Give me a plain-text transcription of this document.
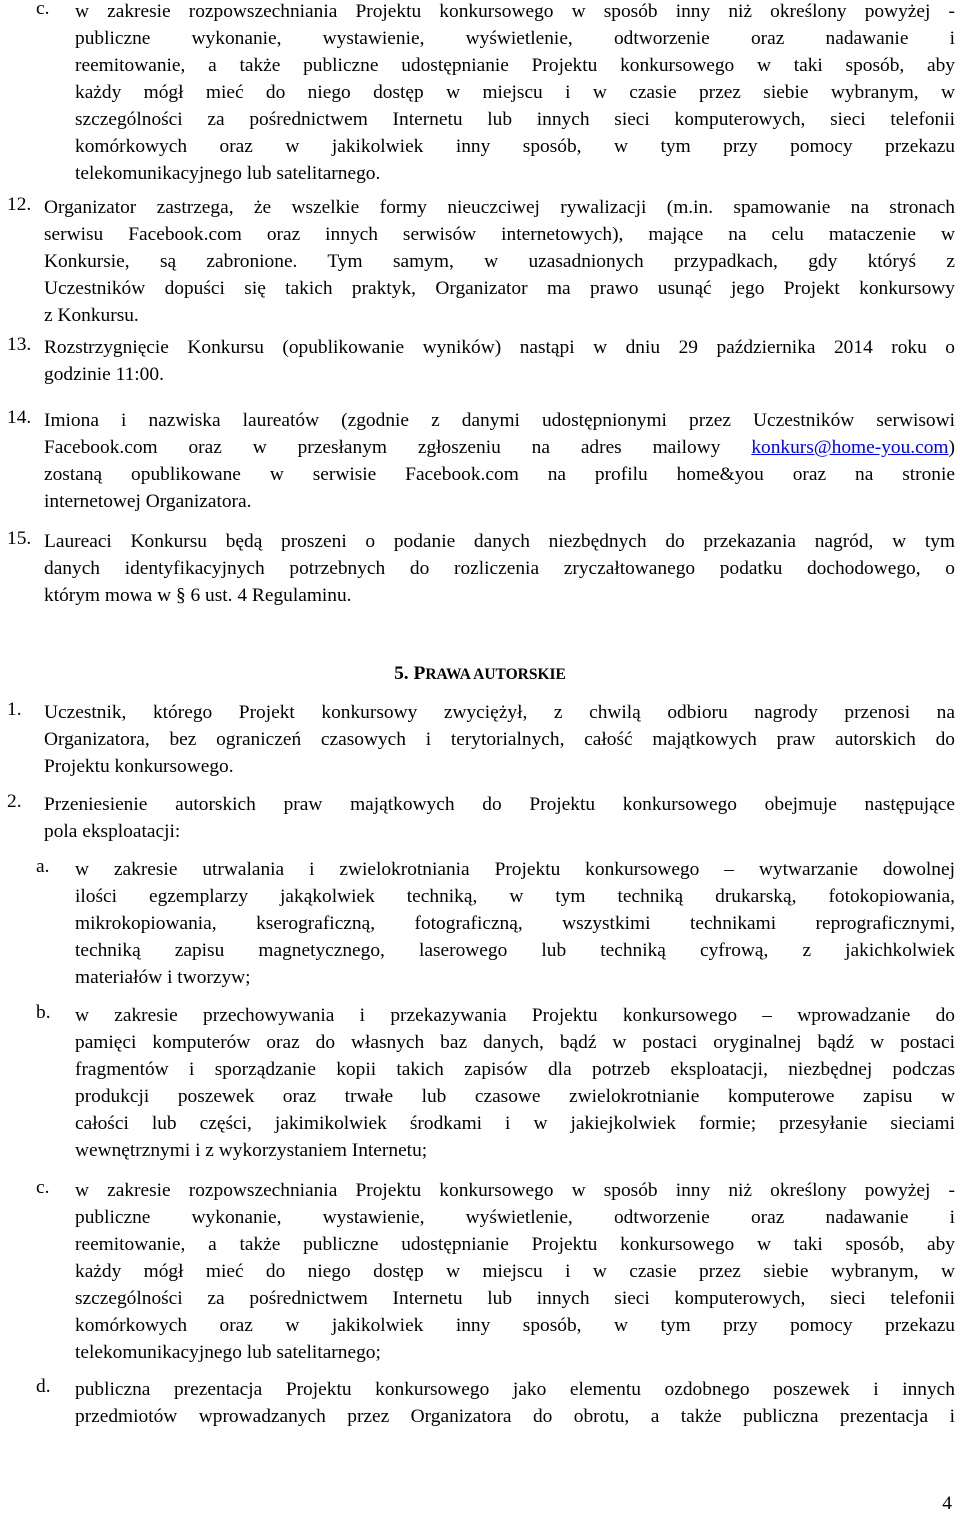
c. w zakresie rozpowszechniania Projektu konkursowego w sposób inny niż określony powyżej -
publiczne wykonanie, wystawienie, wyświetlenie, odtworzenie oraz nadawanie i
reemitowanie, a także publiczne udostępnianie Projektu konkursowego w taki sposób, aby
każdy mógł mieć do niego dostęp w miejscu i w czasie przez siebie wybranym, w
szczególności za pośrednictwem Internetu lub innych sieci komputerowych, sieci telefonii
komórkowych oraz w jakikolwiek inny sposób, w tym przy pomocy przekazu
telekomunikacyjnego lub satelitarnego.
12. Organizator zastrzega, że wszelkie formy nieuczciwej rywalizacji (m.in. spamowanie na stronach
serwisu Facebook.com oraz innych serwisów internetowych), mające na celu mataczenie w
Konkursie, są zabronione. Tym samym, w uzasadnionych przypadkach, gdy któryś z
Uczestników dopuści się takich praktyk, Organizator ma prawo usunąć jego Projekt konkursowy
z Konkursu.
13. Rozstrzygnięcie Konkursu (opublikowanie wyników) nastąpi w dniu 29 października 2014 roku o
godzinie 11:00.
14. Imiona i nazwiska laureatów (zgodnie z danymi udostępnionymi przez Uczestników serwisowi
Facebook.com oraz w przesłanym zgłoszeniu na adres mailowy konkurs@home-you.com)
zostaną opublikowane w serwisie Facebook.com na profilu home&you oraz na stronie
internetowej Organizatora.
15. Laureaci Konkursu będą proszeni o podanie danych niezbędnych do przekazania nagród, w tym
danych identyfikacyjnych potrzebnych do rozliczenia zryczałtowanego podatku dochodowego, o
którym mowa w § 6 ust. 4 Regulaminu.
5. PRAWA AUTORSKIE
1. Uczestnik, którego Projekt konkursowy zwyciężył, z chwilą odbioru nagrody przenosi na
Organizatora, bez ograniczeń czasowych i terytorialnych, całość majątkowych praw autorskich do
Projektu konkursowego.
2. Przeniesienie autorskich praw majątkowych do Projektu konkursowego obejmuje następujące
pola eksploatacji:
a. w zakresie utrwalania i zwielokrotniania Projektu konkursowego – wytwarzanie dowolnej
ilości egzemplarzy jakąkolwiek techniką, w tym techniką drukarską, fotokopiowania,
mikrokopiowania, kserograficzną, fotograficzną, wszystkimi technikami reprograficznymi,
techniką zapisu magnetycznego, laserowego lub techniką cyfrową, z jakichkolwiek
materiałów i tworzyw;
b. w zakresie przechowywania i przekazywania Projektu konkursowego – wprowadzanie do
pamięci komputerów oraz do własnych baz danych, bądź w postaci oryginalnej bądź w postaci
fragmentów i sporządzanie kopii takich zapisów dla potrzeb eksploatacji, niezbędnej podczas
produkcji poszewek oraz trwałe lub czasowe zwielokrotnianie komputerowe zapisu w
całości lub części, jakimikolwiek środkami i w jakiejkolwiek formie; przesyłanie sieciami
wewnętrznymi i z wykorzystaniem Internetu;
c. w zakresie rozpowszechniania Projektu konkursowego w sposób inny niż określony powyżej -
publiczne wykonanie, wystawienie, wyświetlenie, odtworzenie oraz nadawanie i
reemitowanie, a także publiczne udostępnianie Projektu konkursowego w taki sposób, aby
każdy mógł mieć do niego dostęp w miejscu i w czasie przez siebie wybranym, w
szczególności za pośrednictwem Internetu lub innych sieci komputerowych, sieci telefonii
komórkowych oraz w jakikolwiek inny sposób, w tym przy pomocy przekazu
telekomunikacyjnego lub satelitarnego;
d. publiczna prezentacja Projektu konkursowego jako elementu ozdobnego poszewek i innych
przedmiotów wprowadzanych przez Organizatora do obrotu, a także publiczna prezentacja i
4
